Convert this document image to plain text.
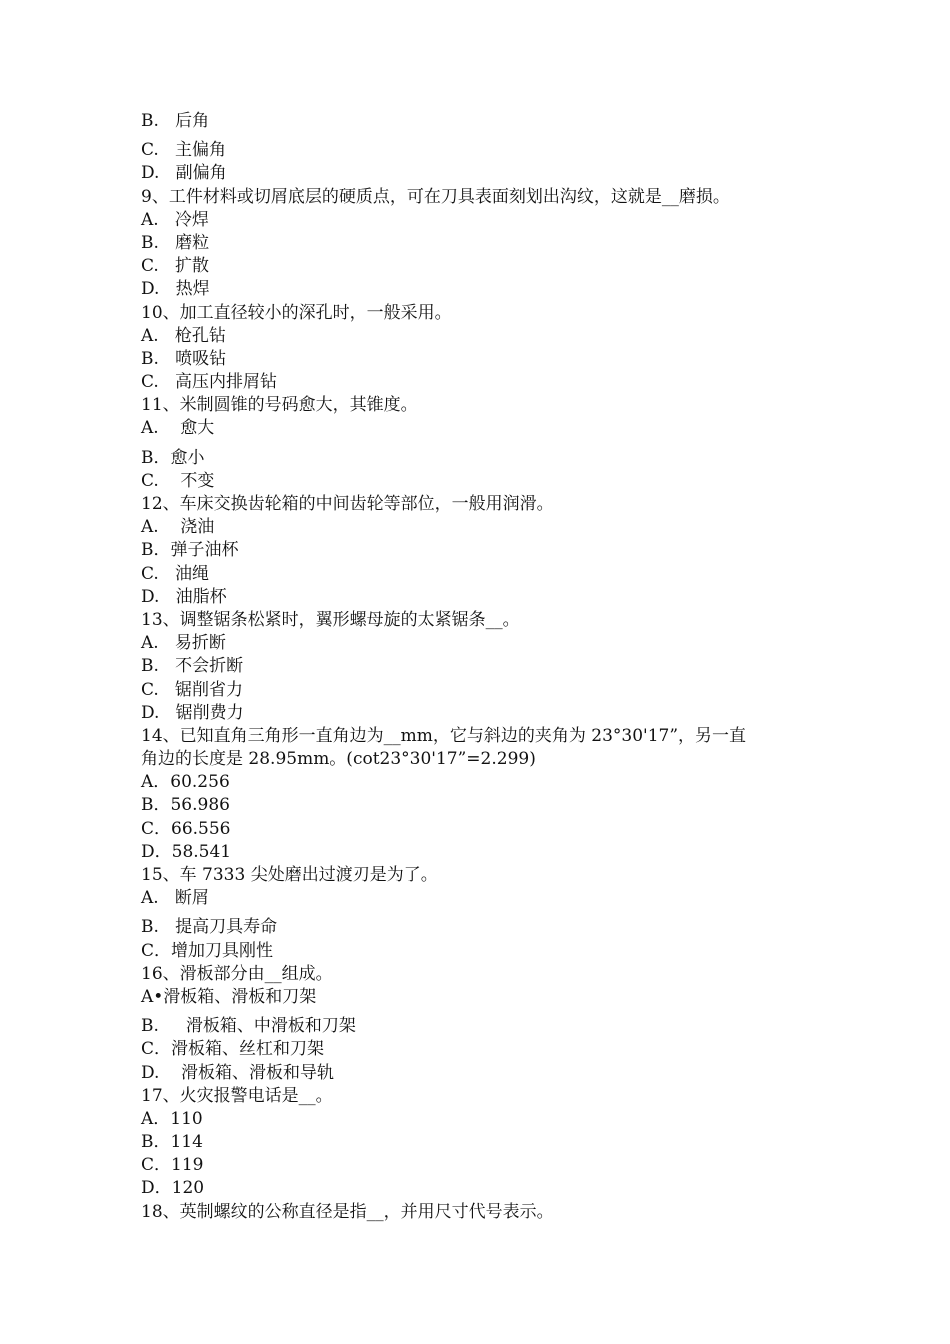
B.   后角
C.   主偏角
D.   副偏角
9、工件材料或切屑底层的硬质点，可在刀具表面刻划出沟纹，这就是__磨损。
A.   冷焊
B.   磨粒
C.   扩散
D.   热焊
10、加工直径较小的深孔时，一般采用。
A.   枪孔钻
B.   喷吸钻
C.   高压内排屑钻
11、米制圆锥的号码愈大，其锥度。
A.    愈大
B．愈小
C.    不变
12、车床交换齿轮箱的中间齿轮等部位，一般用润滑。
A.    浇油
B．弹子油杯
C.   油绳
D.   油脂杯
13、调整锯条松紧时，翼形螺母旋的太紧锯条__。
A.   易折断
B.   不会折断
C.   锯削省力
D.   锯削费力
14、已知直角三角形一直角边为__mm，它与斜边的夹角为 23°30'17”，另一直
角边的长度是 28.95mm。(cot23°30'17”=2.299)
A．60.256
B．56.986
C．66.556
D．58.541
15、车 7333 尖处磨出过渡刃是为了。
A.   断屑
B.   提高刀具寿命
C．增加刀具刚性
16、滑板部分由__组成。
A•滑板箱、滑板和刀架
B.     滑板箱、中滑板和刀架
C．滑板箱、丝杠和刀架
D.    滑板箱、滑板和导轨
17、火灾报警电话是__。
A．110
B．114
C．119
D．120
18、英制螺纹的公称直径是指__，并用尺寸代号表示。
